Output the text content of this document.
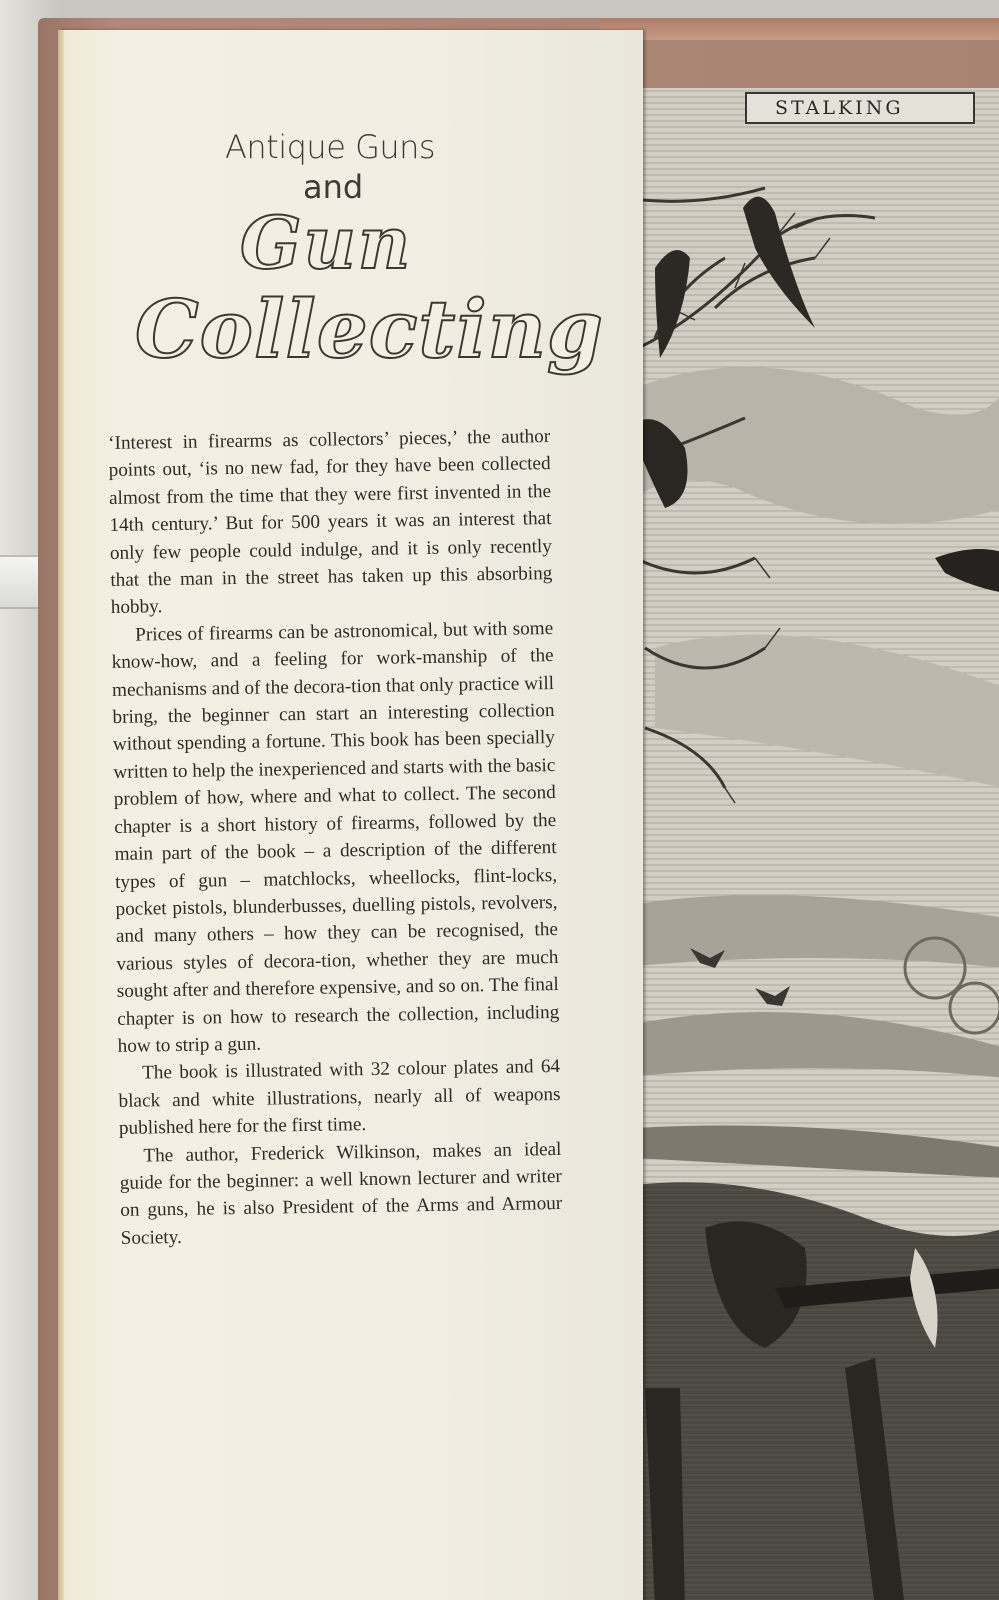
STALKING
Antique Guns
and
Gun
Collecting

‘Interest in firearms as collectors’ pieces,’ the author points out, ‘is no new fad, for they have been collected almost from the time that they were first invented in the 14th century.’ But for 500 years it was an interest that only few people could indulge, and it is only recently that the man in the street has taken up this absorbing hobby.

Prices of firearms can be astronomical, but with some know-how, and a feeling for work-manship of the mechanisms and of the decora-tion that only practice will bring, the beginner can start an interesting collection without spending a fortune. This book has been specially written to help the inexperienced and starts with the basic problem of how, where and what to collect. The second chapter is a short history of firearms, followed by the main part of the book – a description of the different types of gun – matchlocks, wheellocks, flint-locks, pocket pistols, blunderbusses, duelling pistols, revolvers, and many others – how they can be recognised, the various styles of decora-tion, whether they are much sought after and therefore expensive, and so on. The final chapter is on how to research the collection, including how to strip a gun.

The book is illustrated with 32 colour plates and 64 black and white illustrations, nearly all of weapons published here for the first time.

The author, Frederick Wilkinson, makes an ideal guide for the beginner: a well known lecturer and writer on guns, he is also President of the Arms and Armour Society.
